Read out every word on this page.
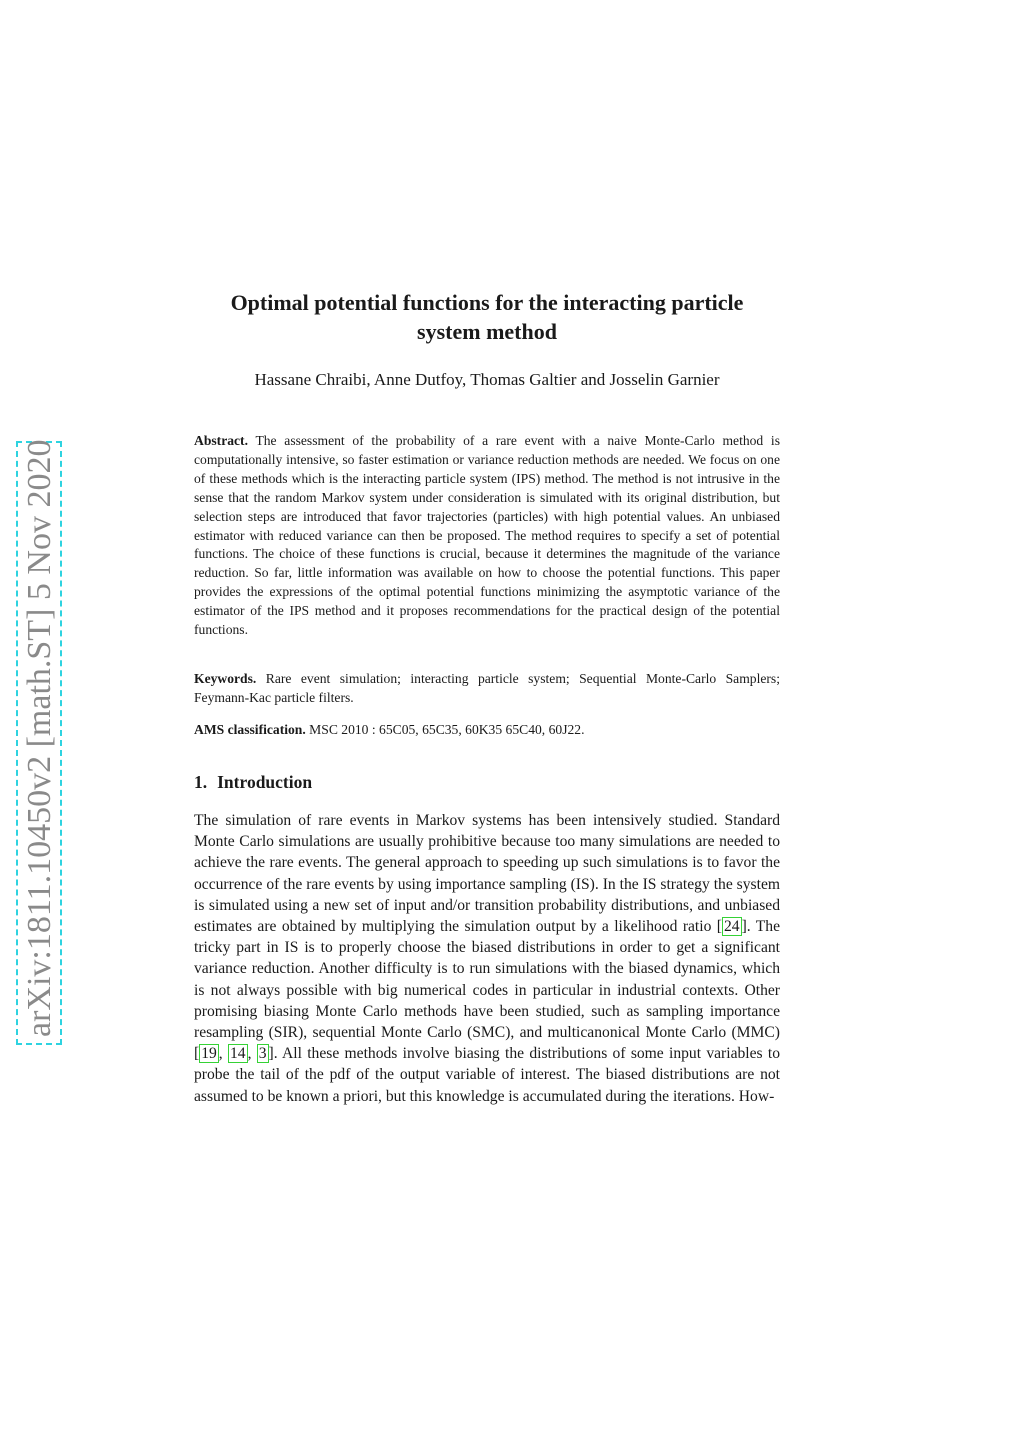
arXiv:1811.10450v2 [math.ST] 5 Nov 2020
Optimal potential functions for the interacting particle
system method
Hassane Chraibi, Anne Dutfoy, Thomas Galtier and Josselin Garnier

Abstract. The assessment of the probability of a rare event with a naive Monte-Carlo method is computationally intensive, so faster estimation or variance reduction methods are needed. We focus on one of these methods which is the interacting particle system (IPS) method. The method is not intrusive in the sense that the random Markov system under consideration is simulated with its original distribution, but selection steps are introduced that favor trajectories (particles) with high potential values. An unbiased estimator with reduced variance can then be proposed. The method requires to specify a set of potential functions. The choice of these functions is crucial, because it determines the magnitude of the variance reduction. So far, little information was available on how to choose the potential functions. This paper provides the expressions of the optimal potential functions minimizing the asymptotic variance of the estimator of the IPS method and it proposes recommendations for the practical design of the potential functions.

Keywords. Rare event simulation; interacting particle system; Sequential Monte-Carlo Samplers; Feymann-Kac particle filters.

AMS classification. MSC 2010 : 65C05, 65C35, 60K35 65C40, 60J22.

1. Introduction

The simulation of rare events in Markov systems has been intensively studied. Standard Monte Carlo simulations are usually prohibitive because too many simulations are needed to achieve the rare events. The general approach to speeding up such simulations is to favor the occurrence of the rare events by using importance sampling (IS). In the IS strategy the system is simulated using a new set of input and/or transition probability distributions, and unbiased estimates are obtained by multiplying the simulation output by a likelihood ratio [ 24 ]. The tricky part in IS is to properly choose the biased distributions in order to get a significant variance reduction. Another difficulty is to run simulations with the biased dynamics, which is not always possible with big numerical codes in particular in industrial contexts. Other promising biasing Monte Carlo methods have been studied, such as sampling importance resampling (SIR), sequential Monte Carlo (SMC), and multicanonical Monte Carlo (MMC) [ 19 , 14 , 3 ]. All these methods involve biasing the distributions of some input variables to probe the tail of the pdf of the output variable of interest. The biased distributions are not assumed to be known a priori, but this knowledge is accumulated during the iterations. How-
